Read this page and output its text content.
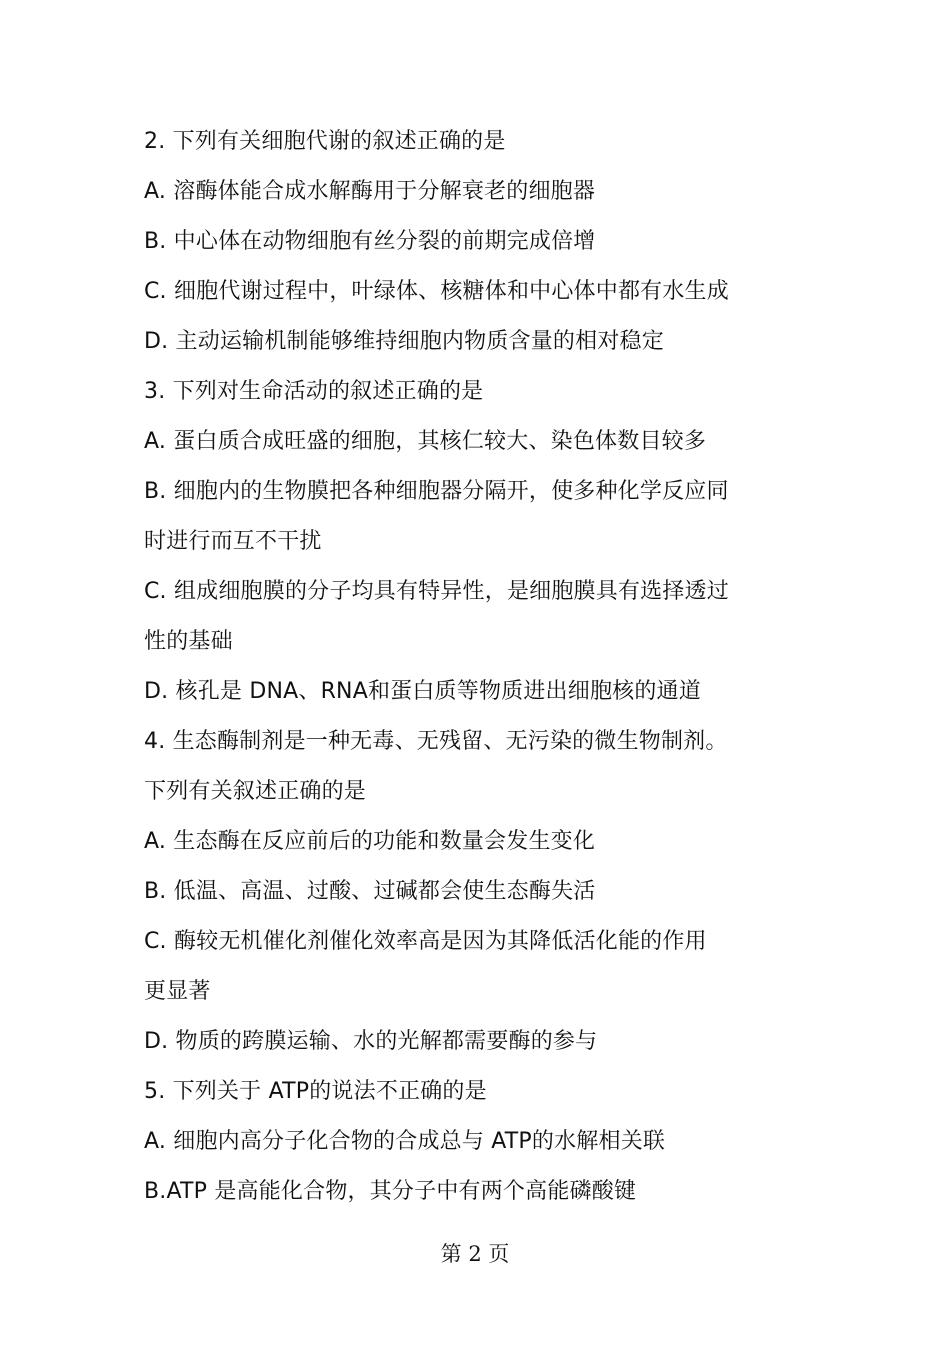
2. 下列有关细胞代谢的叙述正确的是
A. 溶酶体能合成水解酶用于分解衰老的细胞器
B. 中心体在动物细胞有丝分裂的前期完成倍增
C. 细胞代谢过程中，叶绿体、核糖体和中心体中都有水生成
D. 主动运输机制能够维持细胞内物质含量的相对稳定
3. 下列对生命活动的叙述正确的是
A. 蛋白质合成旺盛的细胞，其核仁较大、染色体数目较多
B. 细胞内的生物膜把各种细胞器分隔开，使多种化学反应同
时进行而互不干扰
C. 组成细胞膜的分子均具有特异性，是细胞膜具有选择透过
性的基础
D. 核孔是 DNA、RNA和蛋白质等物质进出细胞核的通道
4. 生态酶制剂是一种无毒、无残留、无污染的微生物制剂。
下列有关叙述正确的是
A. 生态酶在反应前后的功能和数量会发生变化
B. 低温、高温、过酸、过碱都会使生态酶失活
C. 酶较无机催化剂催化效率高是因为其降低活化能的作用
更显著
D. 物质的跨膜运输、水的光解都需要酶的参与
5. 下列关于 ATP的说法不正确的是
A. 细胞内高分子化合物的合成总与 ATP的水解相关联
B.ATP 是高能化合物，其分子中有两个高能磷酸键
第 2 页
